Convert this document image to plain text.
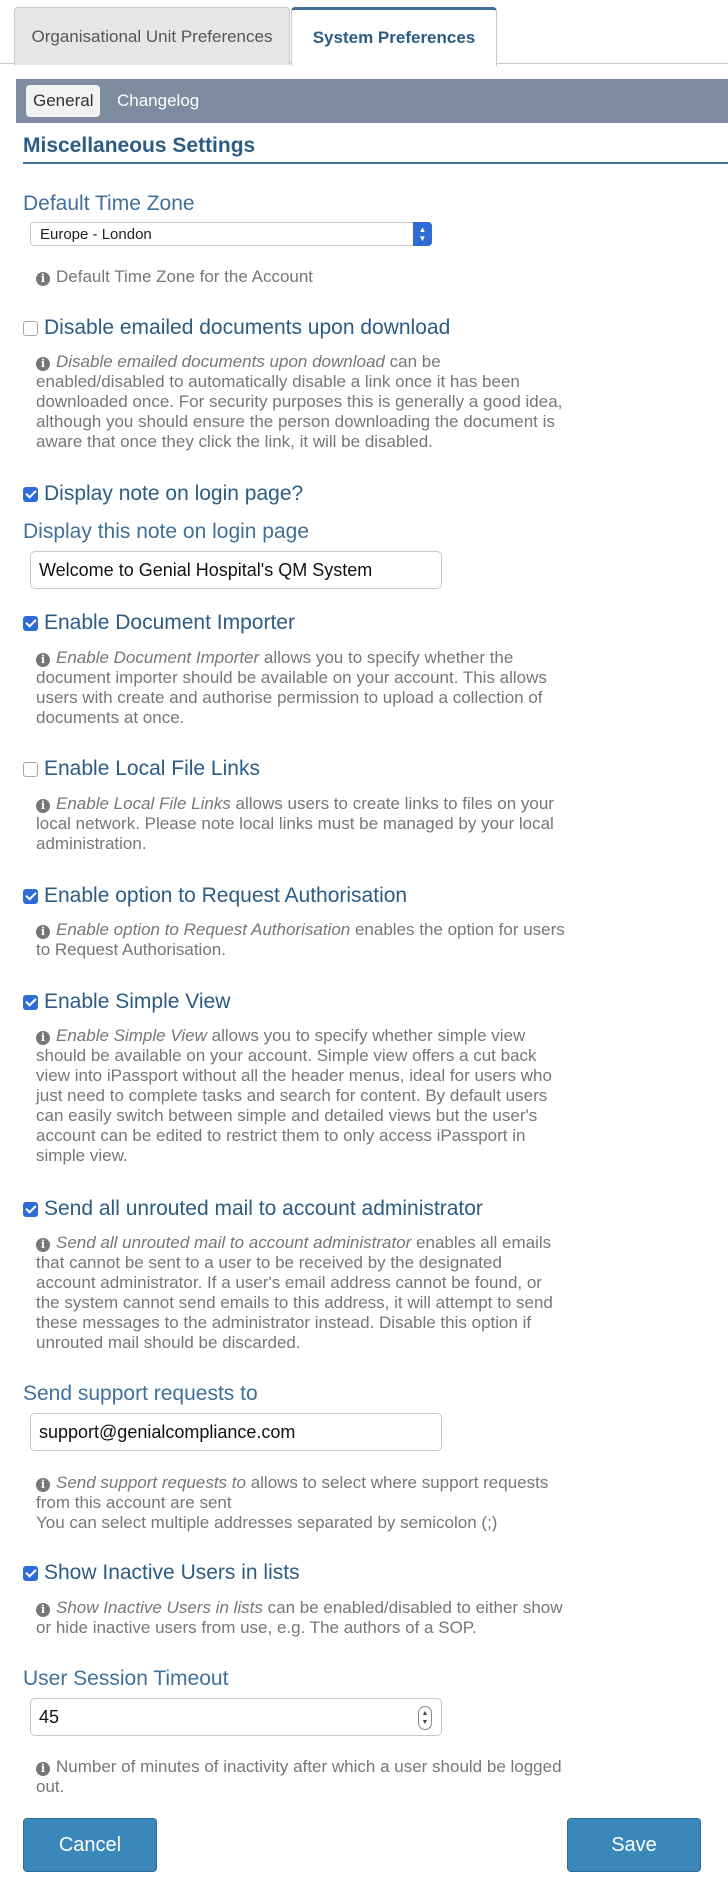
Organisational Unit Preferences	System Preferences
General	Changelog
Miscellaneous Settings
Default Time Zone
Europe - London	▲
▼
i Default Time Zone for the Account
Disable emailed documents upon download
i Disable emailed documents upon download can be enabled/disabled to automatically disable a link once it has been downloaded once. For security purposes this is generally a good idea, although you should ensure the person downloading the document is aware that once they click the link, it will be disabled.
Display note on login page?
Display this note on login page
Welcome to Genial Hospital's QM System
Enable Document Importer
i Enable Document Importer allows you to specify whether the document importer should be available on your account. This allows users with create and authorise permission to upload a collection of documents at once.
Enable Local File Links
i Enable Local File Links allows users to create links to files on your local network. Please note local links must be managed by your local administration.
Enable option to Request Authorisation
i Enable option to Request Authorisation enables the option for users to Request Authorisation.
Enable Simple View
i Enable Simple View allows you to specify whether simple view should be available on your account. Simple view offers a cut back view into iPassport without all the header menus, ideal for users who just need to complete tasks and search for content. By default users can easily switch between simple and detailed views but the user's account can be edited to restrict them to only access iPassport in simple view.
Send all unrouted mail to account administrator
i Send all unrouted mail to account administrator enables all emails that cannot be sent to a user to be received by the designated account administrator. If a user's email address cannot be found, or the system cannot send emails to this address, it will attempt to send these messages to the administrator instead. Disable this option if unrouted mail should be discarded.
Send support requests to
support@genialcompliance.com
i Send support requests to allows to select where support requests from this account are sent
You can select multiple addresses separated by semicolon (;)
Show Inactive Users in lists
i Show Inactive Users in lists can be enabled/disabled to either show or hide inactive users from use, e.g. The authors of a SOP.
User Session Timeout
45	▲
▼
i Number of minutes of inactivity after which a user should be logged out.
Cancel	Save
